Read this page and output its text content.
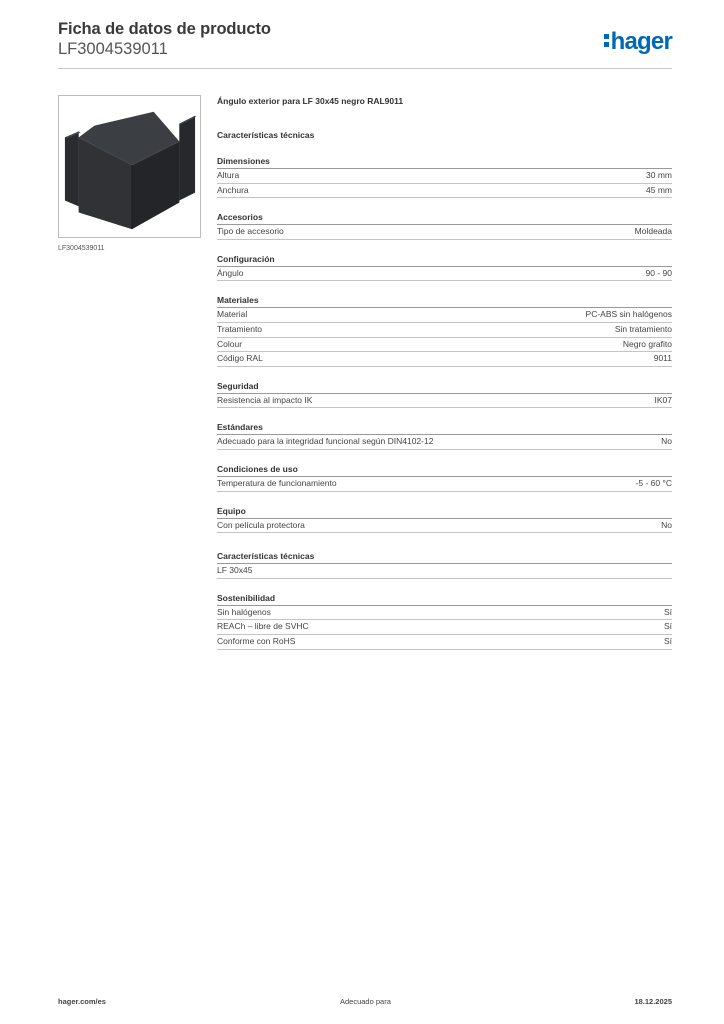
Ficha de datos de producto
LF3004539011	hager
LF3004539011
Ángulo exterior para LF 30x45 negro RAL9011
Características técnicas
Dimensiones
Altura	30 mm
Anchura	45 mm
Accesorios
Tipo de accesorio	Moldeada
Configuración
Ángulo	90 - 90
Materiales
Material	PC-ABS sin halógenos
Tratamiento	Sin tratamiento
Colour	Negro grafito
Código RAL	9011
Seguridad
Resistencia al impacto IK	IK07
Estándares
Adecuado para la integridad funcional según DIN4102-12	No
Condiciones de uso
Temperatura de funcionamiento	-5 - 60 °C
Equipo
Con película protectora	No
Características técnicas
LF 30x45
Sostenibilidad
Sin halógenos	Sí
REACh – libre de SVHC	Sí
Conforme con RoHS	Sí
hager.com/es	Adecuado para	18.12.2025
